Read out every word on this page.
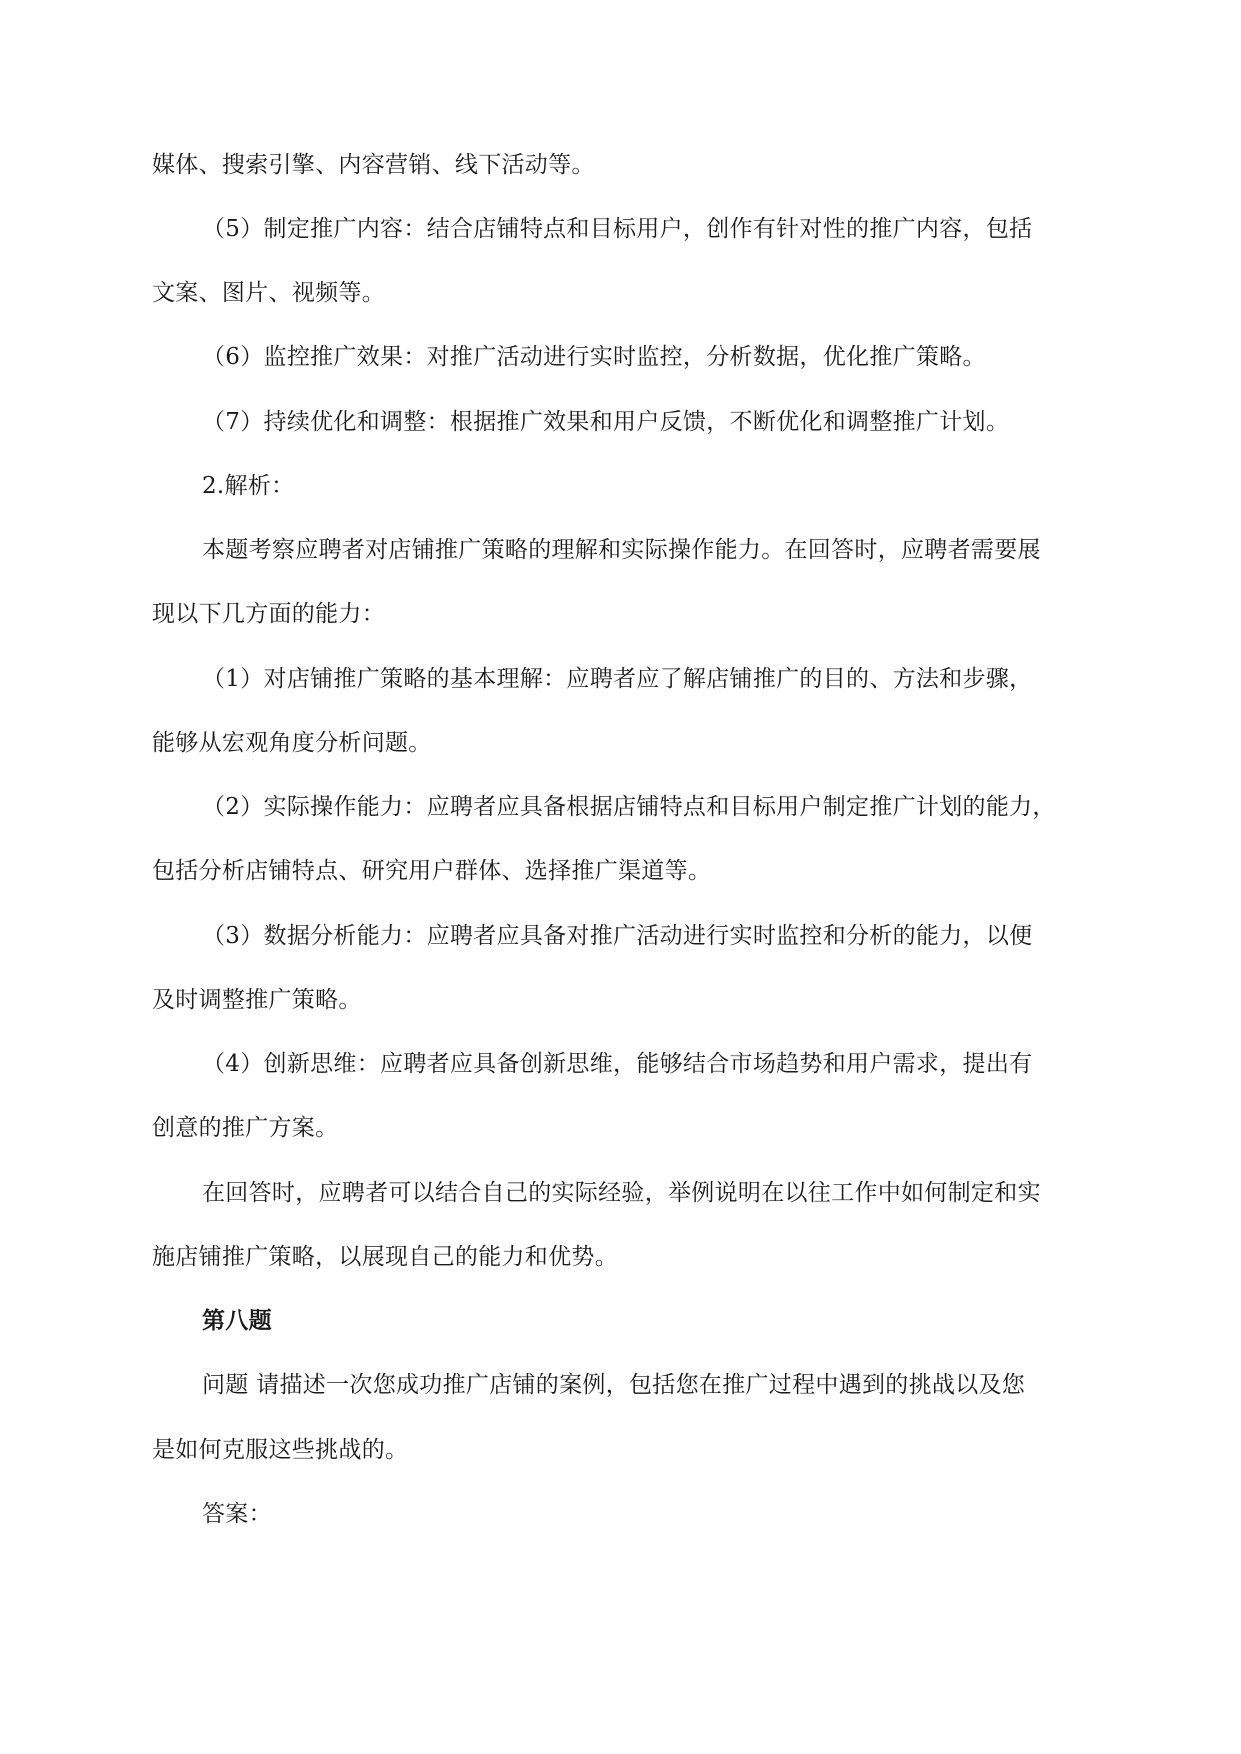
媒体、搜索引擎、内容营销、线下活动等。
（5）制定推广内容：结合店铺特点和目标用户，创作有针对性的推广内容，包括
文案、图片、视频等。
（6）监控推广效果：对推广活动进行实时监控，分析数据，优化推广策略。
（7）持续优化和调整：根据推广效果和用户反馈，不断优化和调整推广计划。
2.解析：
本题考察应聘者对店铺推广策略的理解和实际操作能力。在回答时，应聘者需要展
现以下几方面的能力：
（1）对店铺推广策略的基本理解：应聘者应了解店铺推广的目的、方法和步骤，
能够从宏观角度分析问题。
（2）实际操作能力：应聘者应具备根据店铺特点和目标用户制定推广计划的能力，
包括分析店铺特点、研究用户群体、选择推广渠道等。
（3）数据分析能力：应聘者应具备对推广活动进行实时监控和分析的能力，以便
及时调整推广策略。
（4）创新思维：应聘者应具备创新思维，能够结合市场趋势和用户需求，提出有
创意的推广方案。
在回答时，应聘者可以结合自己的实际经验，举例说明在以往工作中如何制定和实
施店铺推广策略，以展现自己的能力和优势。
第八题
问题 请描述一次您成功推广店铺的案例，包括您在推广过程中遇到的挑战以及您
是如何克服这些挑战的。
答案：
